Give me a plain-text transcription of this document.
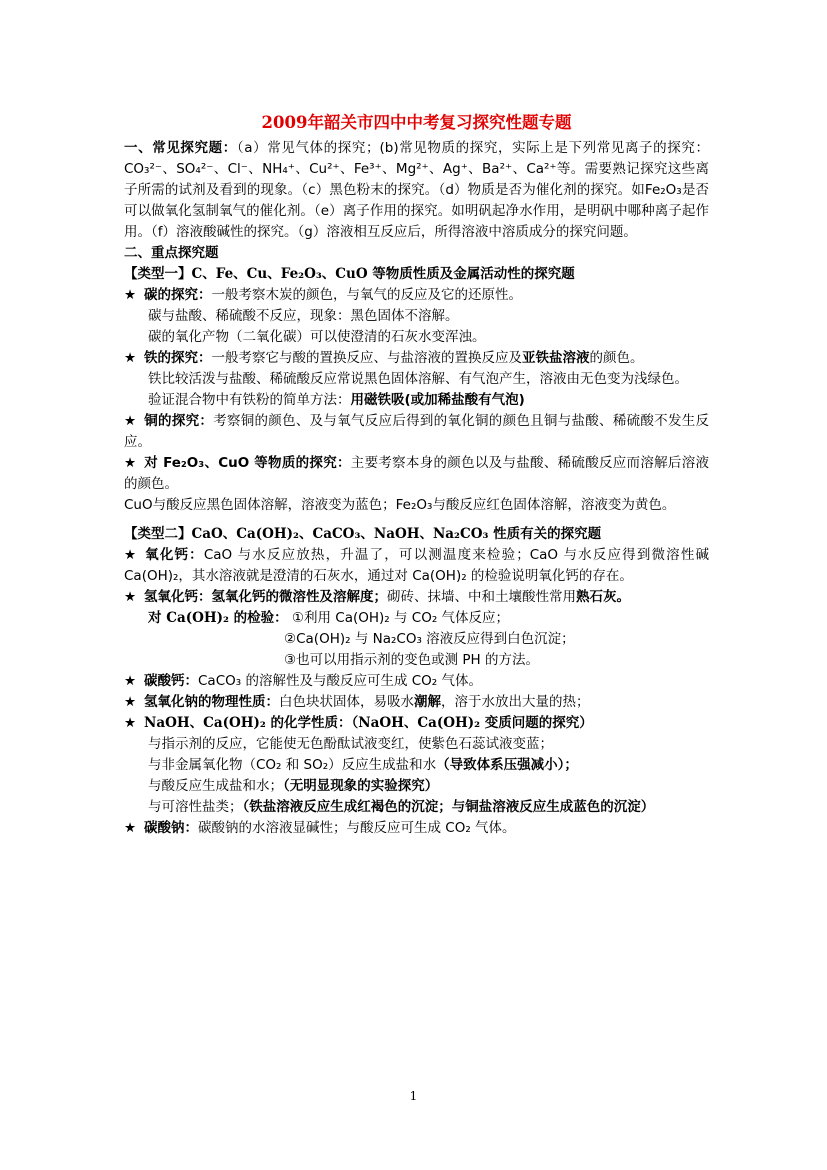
2009年韶关市四中中考复习探究性题专题
一、常见探究题：（a）常见气体的探究；(b)常见物质的探究，实际上是下列常见离子的探究：CO₃²⁻、SO₄²⁻、Cl⁻、NH₄⁺、Cu²⁺、Fe³⁺、Mg²⁺、Ag⁺、Ba²⁺、Ca²⁺等。需要熟记探究这些离子所需的试剂及看到的现象。（c）黑色粉末的探究。（d）物质是否为催化剂的探究。如Fe₂O₃是否可以做氧化氢制氧气的催化剂。（e）离子作用的探究。如明矾起净水作用，是明矾中哪种离子起作用。（f）溶液酸碱性的探究。（g）溶液相互反应后，所得溶液中溶质成分的探究问题。
二、重点探究题
【类型一】C、Fe、Cu、Fe₂O₃、CuO 等物质性质及金属活动性的探究题
★ 碳的探究：一般考察木炭的颜色，与氧气的反应及它的还原性。
碳与盐酸、稀硫酸不反应，现象：黑色固体不溶解。
碳的氧化产物（二氧化碳）可以使澄清的石灰水变浑浊。
★ 铁的探究：一般考察它与酸的置换反应、与盐溶液的置换反应及亚铁盐溶液的颜色。
铁比较活泼与盐酸、稀硫酸反应常说黑色固体溶解、有气泡产生，溶液由无色变为浅绿色。
验证混合物中有铁粉的简单方法：用磁铁吸(或加稀盐酸有气泡)
★ 铜的探究：考察铜的颜色、及与氧气反应后得到的氧化铜的颜色且铜与盐酸、稀硫酸不发生反应。
★ 对 Fe₂O₃、CuO 等物质的探究：主要考察本身的颜色以及与盐酸、稀硫酸反应而溶解后溶液的颜色。
CuO与酸反应黑色固体溶解，溶液变为蓝色；Fe₂O₃与酸反应红色固体溶解，溶液变为黄色。
【类型二】CaO、Ca(OH)₂、CaCO₃、NaOH、Na₂CO₃ 性质有关的探究题
★ 氧化钙：CaO 与水反应放热，升温了，可以测温度来检验；CaO 与水反应得到微溶性碱 Ca(OH)₂，其水溶液就是澄清的石灰水，通过对 Ca(OH)₂ 的检验说明氧化钙的存在。
★ 氢氧化钙：氢氧化钙的微溶性及溶解度；砌砖、抹墙、中和土壤酸性常用熟石灰。
对 Ca(OH)₂ 的检验： ①利用 Ca(OH)₂ 与 CO₂ 气体反应；
②Ca(OH)₂ 与 Na₂CO₃ 溶液反应得到白色沉淀；
③也可以用指示剂的变色或测 PH 的方法。
★ 碳酸钙：CaCO₃ 的溶解性及与酸反应可生成 CO₂ 气体。
★ 氢氧化钠的物理性质：白色块状固体，易吸水潮解，溶于水放出大量的热；
★ NaOH、Ca(OH)₂ 的化学性质：（NaOH、Ca(OH)₂ 变质问题的探究）
与指示剂的反应，它能使无色酚酞试液变红，使紫色石蕊试液变蓝；
与非金属氧化物（CO₂ 和 SO₂）反应生成盐和水（导致体系压强减小）；
与酸反应生成盐和水；（无明显现象的实验探究）
与可溶性盐类；（铁盐溶液反应生成红褐色的沉淀；与铜盐溶液反应生成蓝色的沉淀）
★ 碳酸钠：碳酸钠的水溶液显碱性；与酸反应可生成 CO₂ 气体。
1
